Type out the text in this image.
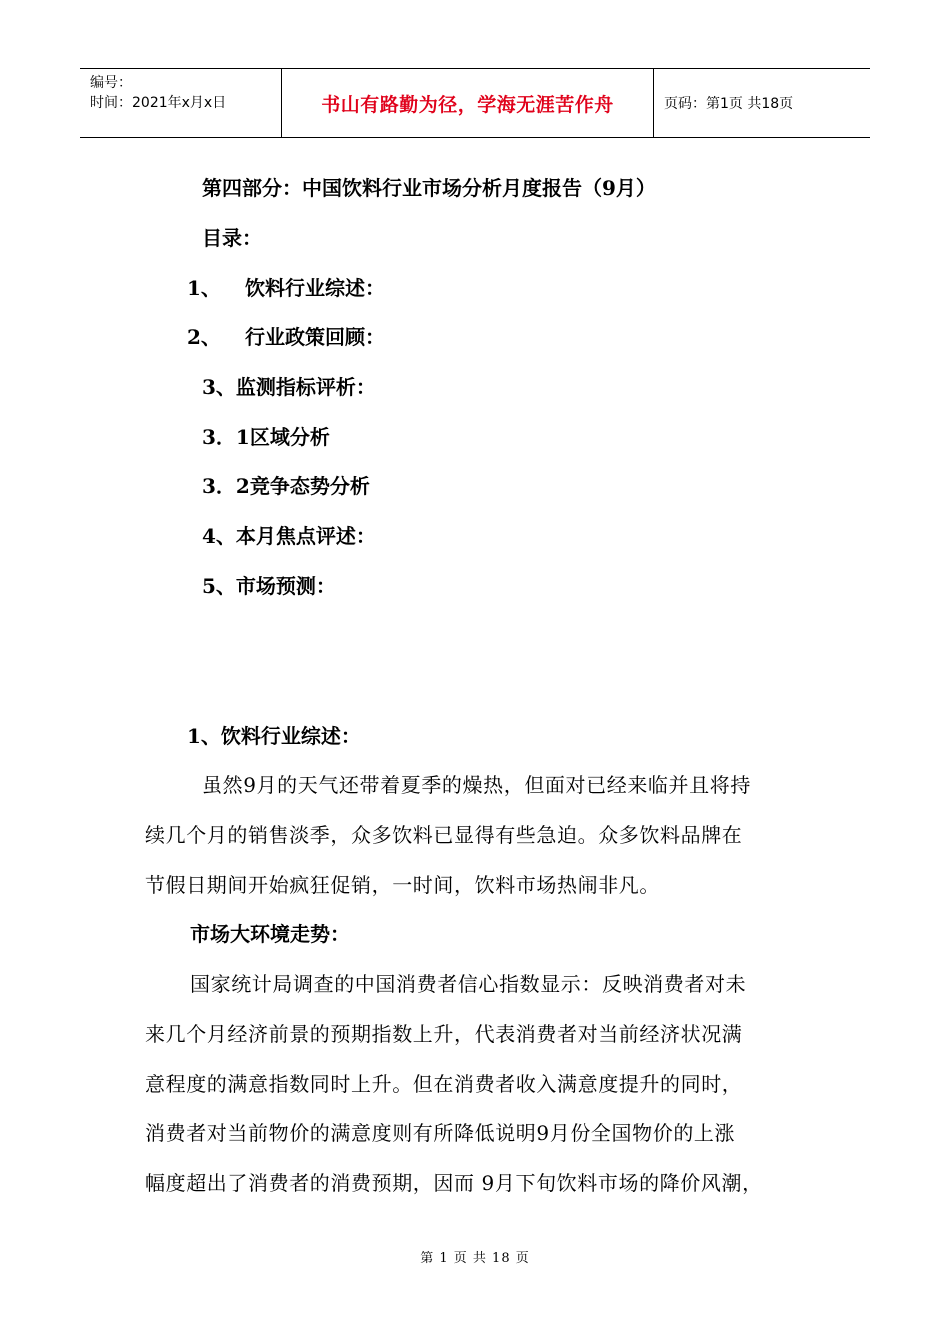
编号：
时间：2021年x月x日	书山有路勤为径，学海无涯苦作舟	页码：第1页 共18页
第四部分：中国饮料行业市场分析月度报告（9月）
目录：
1、 饮料行业综述：
2、 行业政策回顾：
3、监测指标评析：
3．1区域分析
3．2竞争态势分析
4、本月焦点评述：
5、市场预测：
1、饮料行业综述：
虽然9月的天气还带着夏季的燥热，但面对已经来临并且将持
续几个月的销售淡季，众多饮料已显得有些急迫。众多饮料品牌在
节假日期间开始疯狂促销，一时间，饮料市场热闹非凡。
市场大环境走势：
国家统计局调查的中国消费者信心指数显示：反映消费者对未
来几个月经济前景的预期指数上升，代表消费者对当前经济状况满
意程度的满意指数同时上升。但在消费者收入满意度提升的同时，
消费者对当前物价的满意度则有所降低说明9月份全国物价的上涨
幅度超出了消费者的消费预期，因而 9月下旬饮料市场的降价风潮，
第 1 页 共 18 页
